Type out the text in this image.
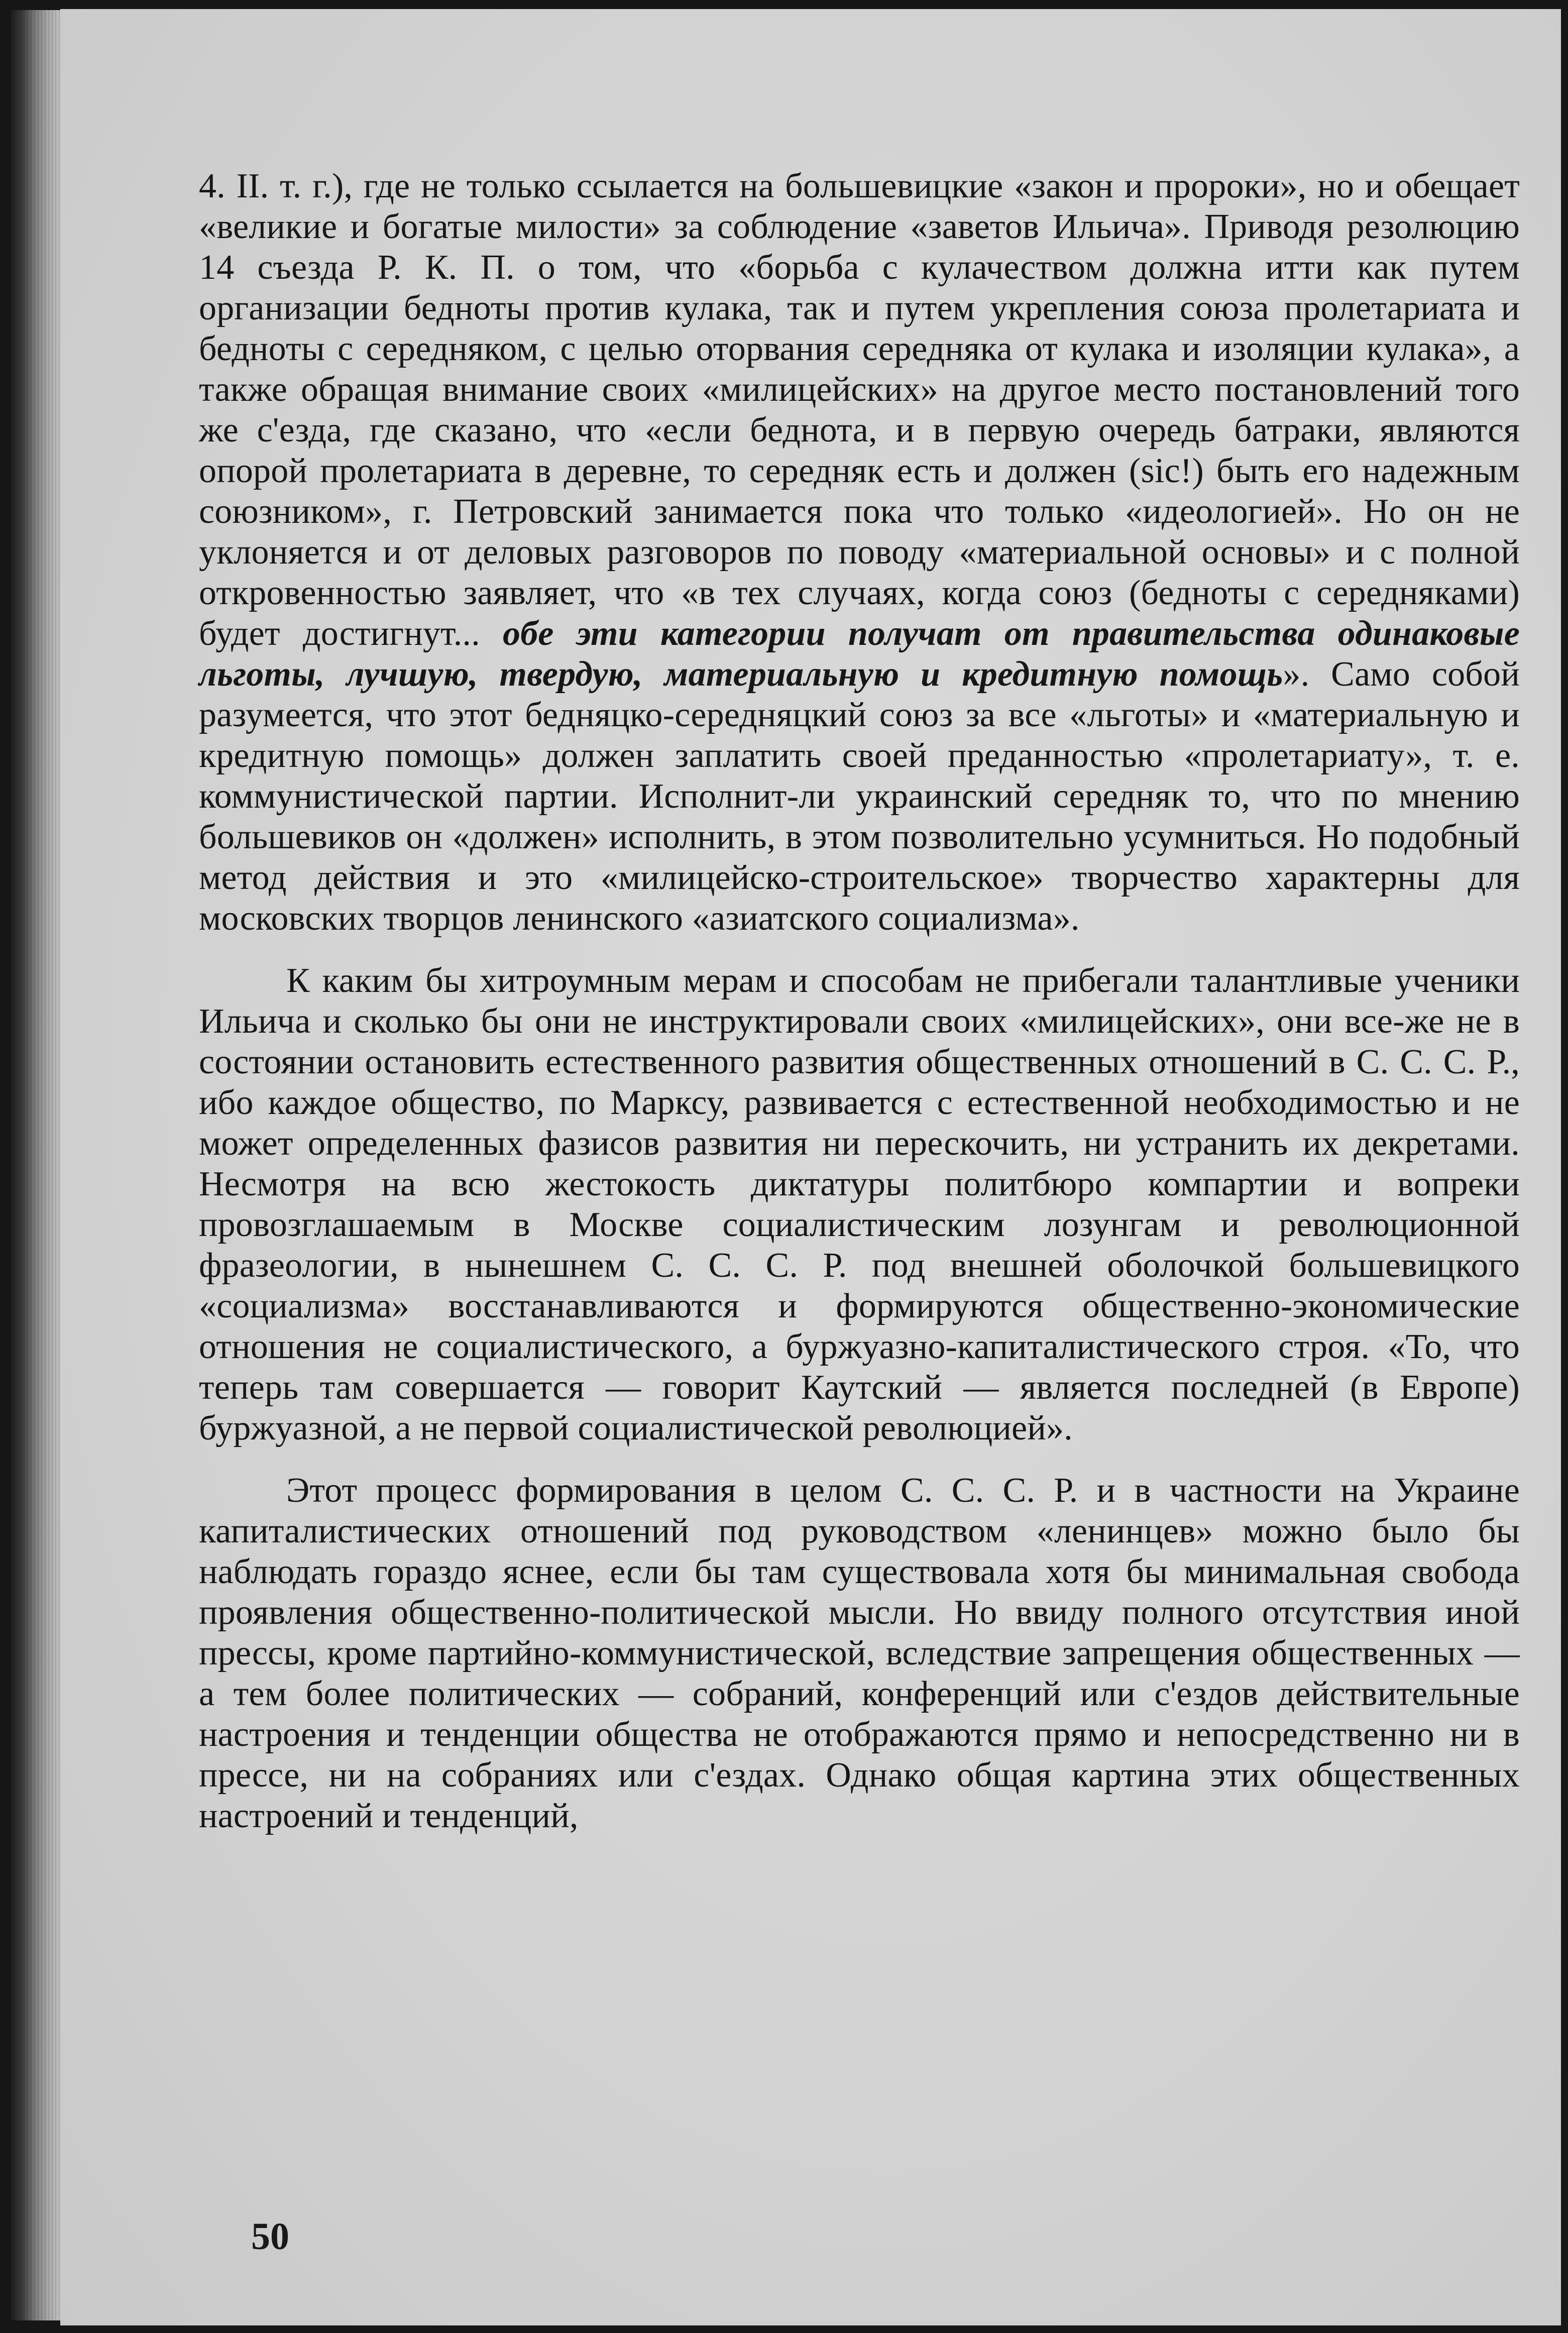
4. II. т. г.), где не только ссылается на большевицкие «закон и пророки», но и обещает «великие и богатые милости» за соблюдение «заветов Ильича». Приводя резолюцию 14 съезда Р. К. П. о том, что «борьба с кулачеством должна итти как путем организации бедноты против кулака, так и путем укрепления союза пролетариата и бедноты с середняком, с целью оторвания середняка от кулака и изоляции кулака», а также обращая внимание своих «милицейских» на другое место постановлений того же с'езда, где сказано, что «если беднота, и в первую очередь батраки, являются опорой пролетариата в деревне, то середняк есть и должен (sic!) быть его надежным союзником», г. Петровский занимается пока что только «идеологией». Но он не уклоняется и от деловых разговоров по поводу «материальной основы» и с полной откровенностью заявляет, что «в тех случаях, когда союз (бедноты с середняками) будет достигнут... обе эти категории получат от правительства одинаковые льготы, лучшую, твердую, материальную и кредитную помощь». Само собой разумеется, что этот бедняцко-середняцкий союз за все «льготы» и «материальную и кредитную помощь» должен заплатить своей преданностью «пролетариату», т. е. коммунистической партии. Исполнит-ли украинский середняк то, что по мнению большевиков он «должен» исполнить, в этом позволительно усумниться. Но подобный метод действия и это «милицейско-строительское» творчество характерны для московских творцов ленинского «азиатского социализма».

К каким бы хитроумным мерам и способам не прибегали талантливые ученики Ильича и сколько бы они не инструктировали своих «милицейских», они все-же не в состоянии остановить естественного развития общественных отношений в С. С. С. Р., ибо каждое общество, по Марксу, развивается с естественной необходимостью и не может определенных фазисов развития ни перескочить, ни устранить их декретами. Несмотря на всю жестокость диктатуры политбюро компартии и вопреки провозглашаемым в Москве социалистическим лозунгам и революционной фразеологии, в нынешнем С. С. С. Р. под внешней оболочкой большевицкого «социализма» восстанавливаются и формируются общественно-экономические отношения не социалистического, а буржуазно-капиталистического строя. «То, что теперь там совершается — говорит Каутский — является последней (в Европе) буржуазной, а не первой социалистической революцией».

Этот процесс формирования в целом С. С. С. Р. и в частности на Украине капиталистических отношений под руководством «ленинцев» можно было бы наблюдать гораздо яснее, если бы там существовала хотя бы минимальная свобода проявления общественно-политической мысли. Но ввиду полного отсутствия иной прессы, кроме партийно-коммунистической, вследствие запрещения общественных — а тем более политических — собраний, конференций или с'ездов действительные настроения и тенденции общества не отображаются прямо и непосредственно ни в прессе, ни на собраниях или с'ездах. Однако общая картина этих общественных настроений и тенденций,

50
